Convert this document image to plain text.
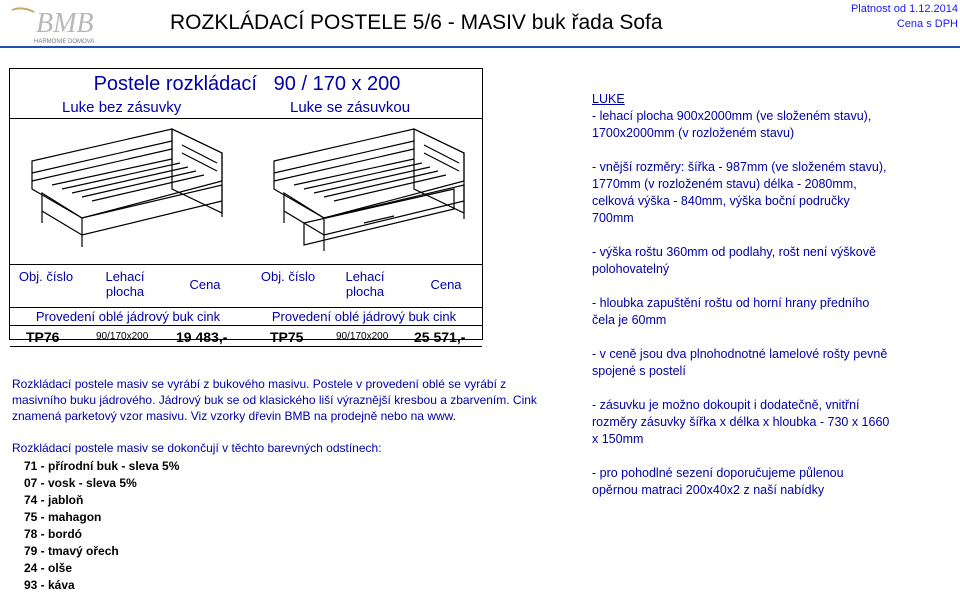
BMB
HARMONIE DOMOVA
ROZKLÁDACÍ POSTELE 5/6 - MASIV buk řada Sofa
Platnost od 1.12.2014
Cena s DPH
Postele rozkládací   90 / 170 x 200
Luke bez zásuvky	Luke se zásuvkou
Obj. číslo	Lehací plocha	Cena
Provedení oblé jádrový buk cink
TP76	90/170x200 19 483,-
Obj. číslo	Lehací plocha	Cena
Provedení oblé jádrový buk cink
TP75	90/170x200 25 571,-

Rozkládací postele masiv se vyrábí z bukového masivu. Postele v provedení oblé se vyrábí z masivního buku jádrového. Jádrový buk se od klasického liší výraznější kresbou a zbarvením. Cink znamená parketový vzor masivu. Viz vzorky dřevin BMB na prodejně nebo na www.

Rozkládací postele masiv se dokončují v těchto barevných odstínech:
71 - přírodní buk - sleva 5%
07 - vosk - sleva 5%
74 - jabloň
75 - mahagon
78 - bordó
79 - tmavý ořech
24 - olše
93 - káva
LUKE

- lehací plocha 900x2000mm (ve složeném stavu), 1700x2000mm (v rozloženém stavu)

- vnější rozměry: šířka - 987mm (ve složeném stavu), 1770mm (v rozloženém stavu) délka - 2080mm, celková výška - 840mm, výška boční područky 700mm

- výška roštu 360mm od podlahy, rošt není výškově polohovatelný

- hloubka zapuštění roštu od horní hrany předního čela je 60mm

- v ceně jsou dva plnohodnotné lamelové rošty pevně spojené s postelí

- zásuvku je možno dokoupit i dodatečně, vnitřní rozměry zásuvky šířka x délka x hloubka - 730 x 1660 x 150mm

- pro pohodlné sezení doporučujeme půlenou opěrnou matraci 200x40x2 z naší nabídky
